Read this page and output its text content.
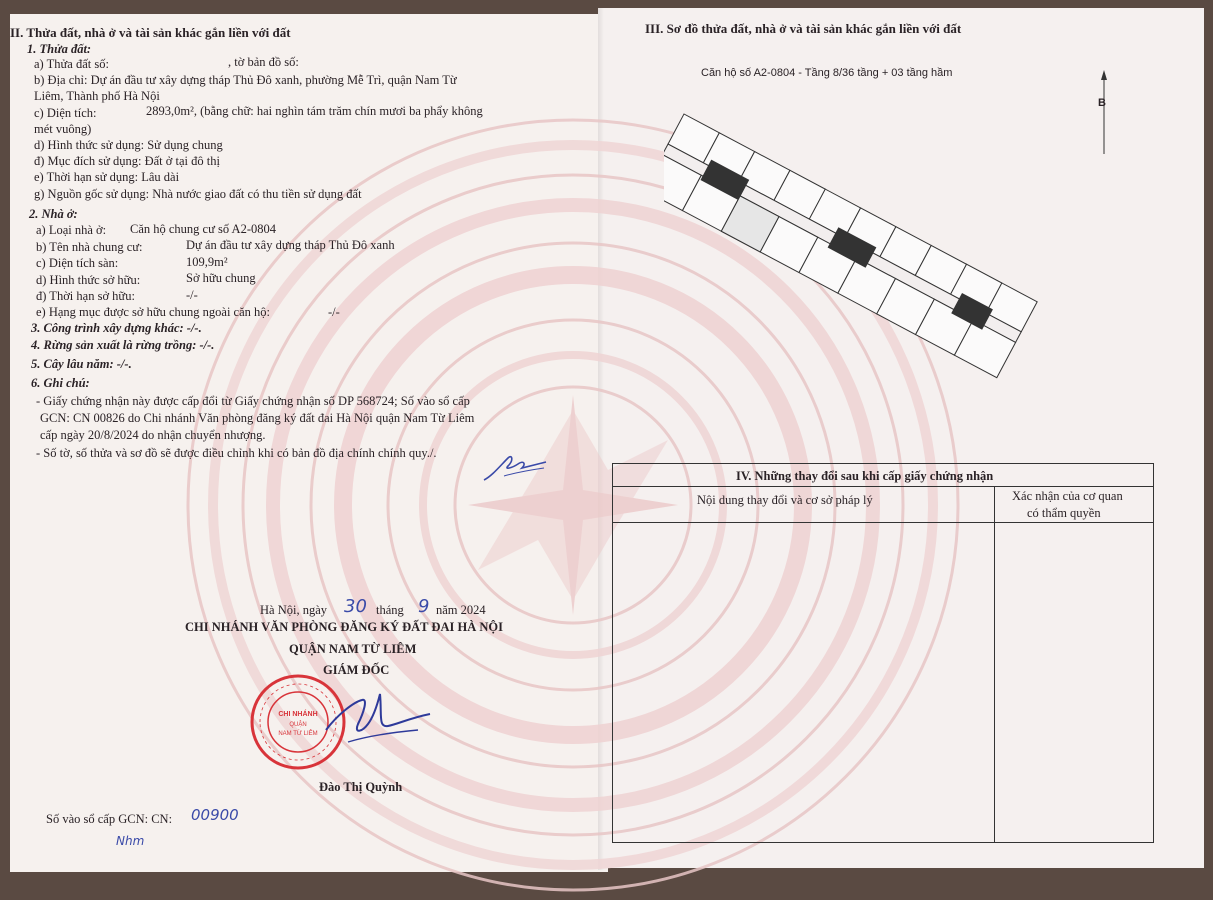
II. Thửa đất, nhà ở và tài sản khác gắn liền với đất
1. Thửa đất:
a) Thửa đất số:	, tờ bản đồ số:
b) Địa chỉ: Dự án đầu tư xây dựng tháp Thủ Đô xanh, phường Mễ Trì, quận Nam Từ
Liêm, Thành phố Hà Nội
c) Diện tích:	2893,0m², (bằng chữ: hai nghìn tám trăm chín mươi ba phẩy không
mét vuông)
d) Hình thức sử dụng: Sử dụng chung
đ) Mục đích sử dụng: Đất ở tại đô thị
e) Thời hạn sử dụng: Lâu dài
g) Nguồn gốc sử dụng: Nhà nước giao đất có thu tiền sử dụng đất
2. Nhà ở:
a) Loại nhà ở: Căn hộ chung cư số A2-0804
b) Tên nhà chung cư:	Dự án đầu tư xây dựng tháp Thủ Đô xanh
c) Diện tích sàn:	109,9m²
d) Hình thức sở hữu:	Sở hữu chung
đ) Thời hạn sở hữu:	-/-
e) Hạng mục được sở hữu chung ngoài căn hộ:	-/-
3. Công trình xây dựng khác: -/-.
4. Rừng sản xuất là rừng trồng: -/-.
5. Cây lâu năm: -/-.
6. Ghi chú:
- Giấy chứng nhận này được cấp đổi từ Giấy chứng nhận số DP 568724; Số vào sổ cấp
GCN: CN 00826 do Chi nhánh Văn phòng đăng ký đất đai Hà Nội quận Nam Từ Liêm
cấp ngày 20/8/2024 do nhận chuyển nhượng.
- Số tờ, số thửa và sơ đồ sẽ được điều chỉnh khi có bản đồ địa chính chính quy./.
Hà Nội, ngày 30 tháng 9 năm 2024
CHI NHÁNH VĂN PHÒNG ĐĂNG KÝ ĐẤT ĐAI HÀ NỘI
QUẬN NAM TỪ LIÊM
GIÁM ĐỐC
CHI NHÁNH
QUẬN
NAM TỪ LIÊM
Đào Thị Quỳnh
Số vào sổ cấp GCN: CN: 00900
Nhm
III. Sơ đồ thửa đất, nhà ở và tài sản khác gắn liền với đất
Căn hộ số A2-0804 - Tầng 8/36 tầng + 03 tầng hầm
B
IV. Những thay đổi sau khi cấp giấy chứng nhận
Nội dung thay đổi và cơ sở pháp lý	Xác nhận của cơ quan
có thẩm quyền
